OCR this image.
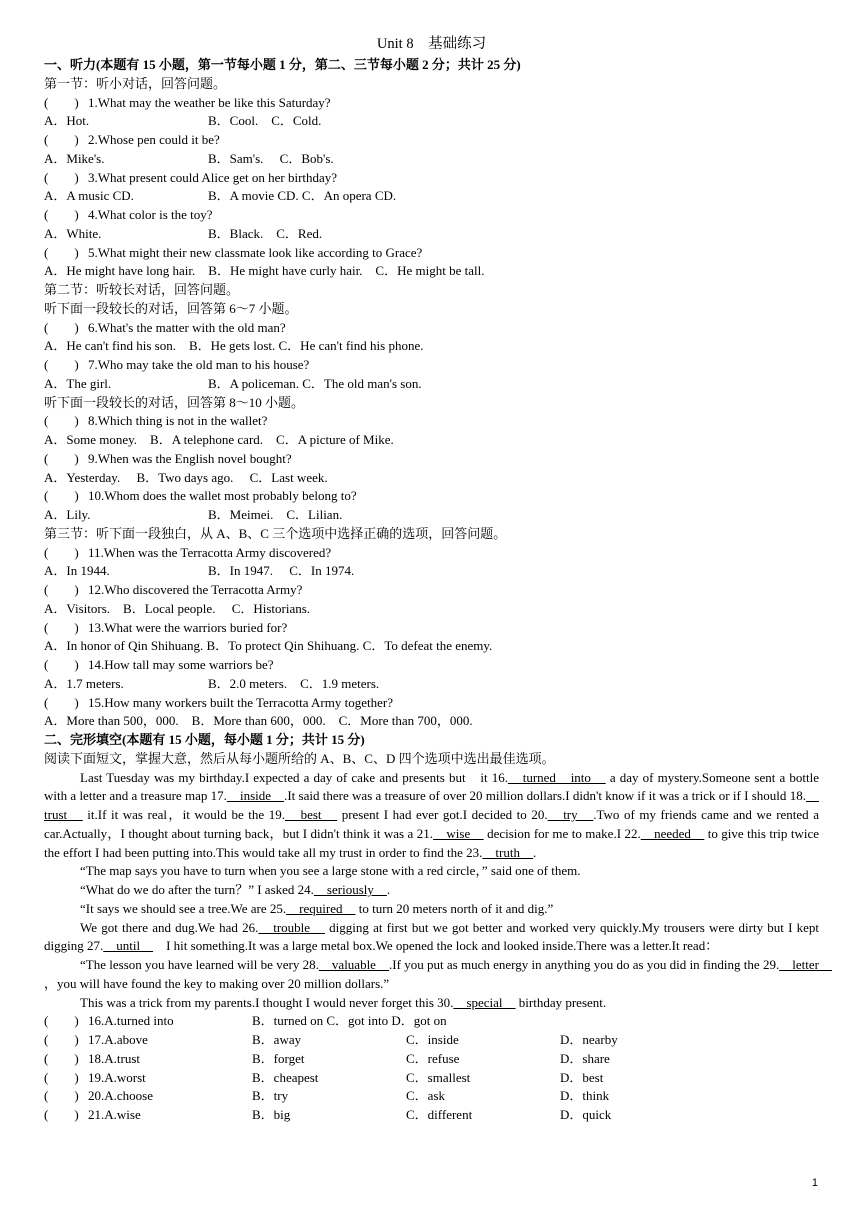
Unit 8　基础练习
一、听力(本题有 15 小题，第一节每小题 1 分，第二、三节每小题 2 分；共计 25 分)
第一节：听小对话，回答问题。
(　　) 1.What may the weather be like this Saturday?
A．Hot.	B．Cool.　C．Cold.
(　　) 2.Whose pen could it be?
A．Mike's.	B．Sam's.　 C．Bob's.
(　　) 3.What present could Alice get on her birthday?
A．A music CD.	B．A movie CD. C．An opera CD.
(　　) 4.What color is the toy?
A．White.	B．Black.　C．Red.
(　　) 5.What might their new classmate look like according to Grace?
A．He might have long hair.　B．He might have curly hair.　C．He might be tall.
第二节：听较长对话，回答问题。
听下面一段较长的对话，回答第 6～7 小题。
(　　) 6.What's the matter with the old man?
A．He can't find his son.　B．He gets lost. C．He can't find his phone.
(　　) 7.Who may take the old man to his house?
A．The girl.	B．A policeman. C．The old man's son.
听下面一段较长的对话，回答第 8～10 小题。
(　　) 8.Which thing is not in the wallet?
A．Some money.　B．A telephone card.　C．A picture of Mike.
(　　) 9.When was the English novel bought?
A．Yesterday.　 B．Two days ago.　 C．Last week.
(　　) 10.Whom does the wallet most probably belong to?
A．Lily.	B．Meimei.　C．Lilian.
第三节：听下面一段独白，从 A、B、C 三个选项中选择正确的选项，回答问题。
(　　) 11.When was the Terracotta Army discovered?
A．In 1944.	B．In 1947.　 C．In 1974.
(　　) 12.Who discovered the Terracotta Army?
A．Visitors.　B．Local people.　 C．Historians.
(　　) 13.What were the warriors buried for?
A．In honor of Qin Shihuang. B．To protect Qin Shihuang. C．To defeat the enemy.
(　　) 14.How tall may some warriors be?
A．1.7 meters.	B．2.0 meters.　C．1.9 meters.
(　　) 15.How many workers built the Terracotta Army together?
A．More than 500，000.　B．More than 600，000.　C．More than 700，000.
二、完形填空(本题有 15 小题，每小题 1 分；共计 15 分)
阅读下面短文，掌握大意，然后从每小题所给的 A、B、C、D 四个选项中选出最佳选项。
Last Tuesday was my birthday.I expected a day of cake and presents but　it 16.　turned　into　 a day of mystery.Someone sent a bottle with a letter and a treasure map 17.　inside　.It said there was a treasure of over 20 million dollars.I didn't know if it was a trick or if I should 18.　trust　 it.If it was real，it would be the 19.　best　 present I had ever got.I decided to 20.　try　.Two of my friends came and we rented a car.Actually，I thought about turning back，but I didn't think it was a 21.　wise　 decision for me to make.I 22.　needed　 to give this trip twice the effort I had been putting into.This would take all my trust in order to find the 23.　truth　.
“The map says you have to turn when you see a large stone with a red circle，” said one of them.
“What do we do after the turn？” I asked 24.　seriously　.
“It says we should see a tree.We are 25.　required　 to turn 20 meters north of it and dig.”
We got there and dug.We had 26.　trouble　 digging at first but we got better and worked very quickly.My trousers were dirty but I kept digging 27.　until　　I hit something.It was a large metal box.We opened the lock and looked inside.There was a letter.It read：
“The lesson you have learned will be very 28.　valuable　.If you put as much energy in anything you do as you did in finding the 29.　letter　，you will have found the key to making over 20 million dollars.”
This was a trick from my parents.I thought I would never forget this 30.　special　 birthday present.
(　　) 16.A.turned into	B．turned on C．got into D．got on
(　　) 17.A.above	B．away	C．inside	D．nearby
(　　) 18.A.trust	B．forget	C．refuse	D．share
(　　) 19.A.worst	B．cheapest	C．smallest	D．best
(　　) 20.A.choose	B．try	C．ask	D．think
(　　) 21.A.wise	B．big	C．different	D．quick
1
